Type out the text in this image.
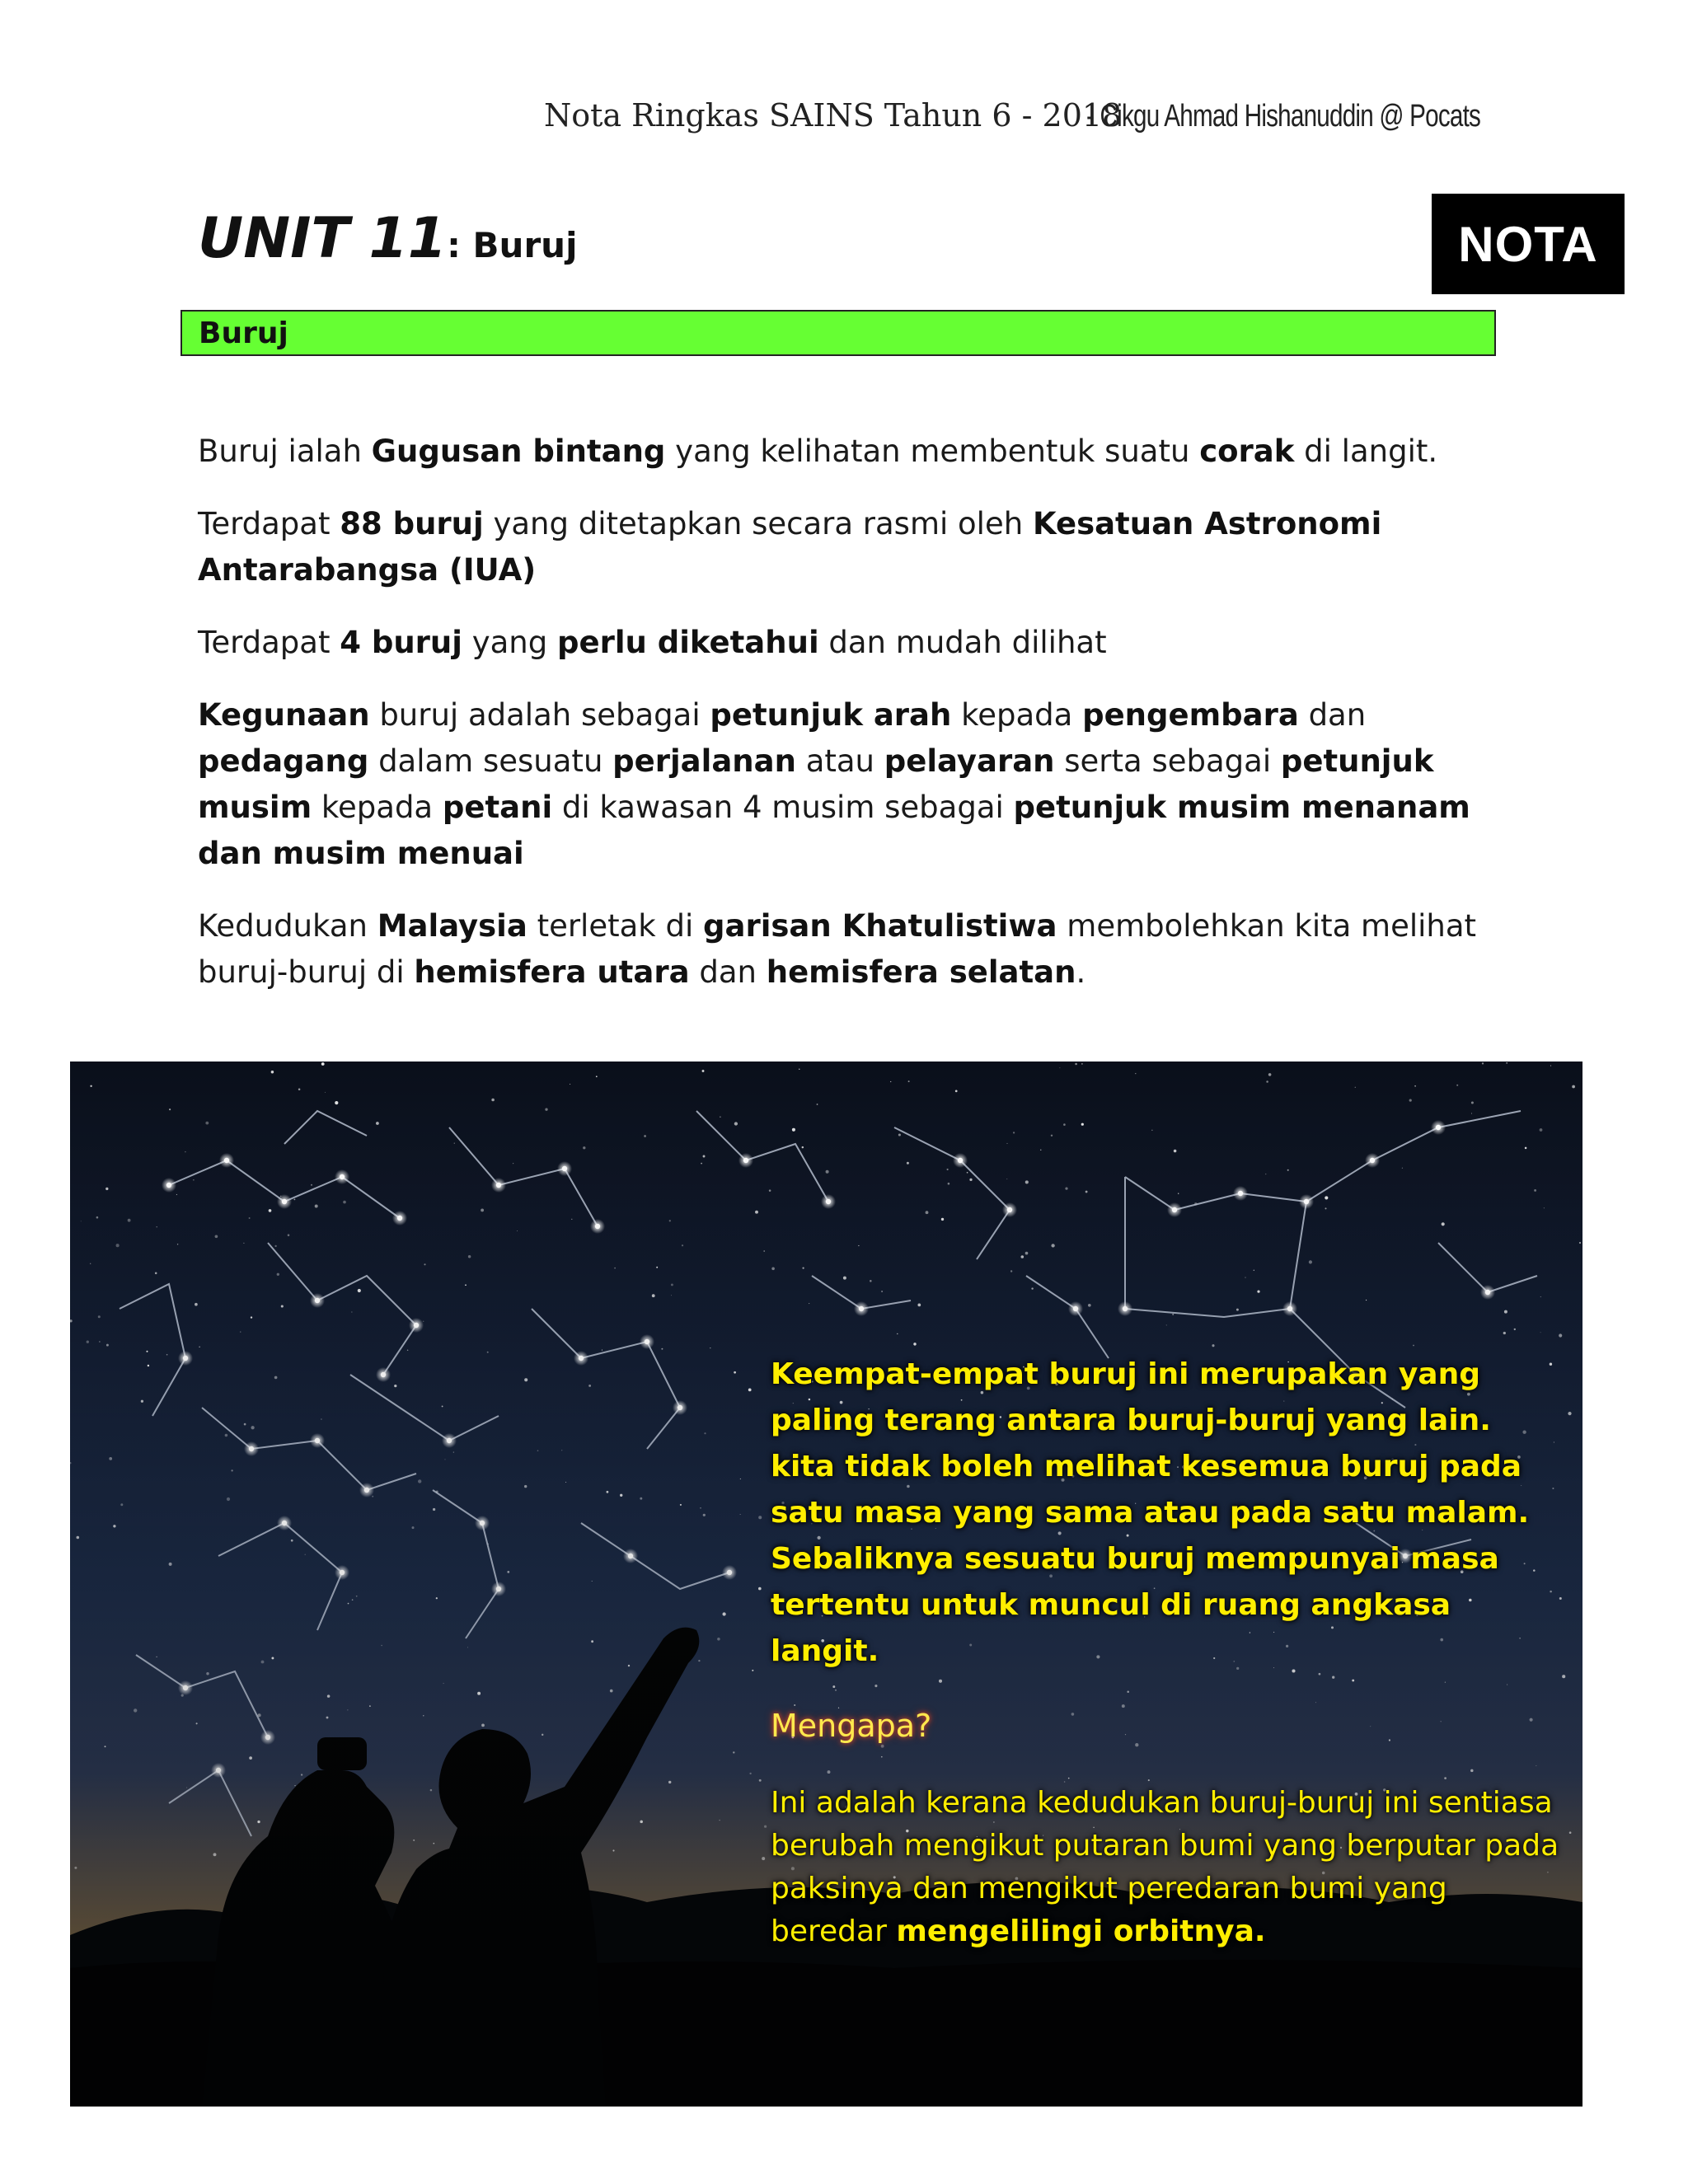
Nota Ringkas SAINS Tahun 6 - 2018
- Cikgu Ahmad Hishanuddin @ Pocats
UNIT 11: Buruj	NOTA
Buruj

Buruj ialah Gugusan bintang yang kelihatan membentuk suatu corak di langit.

Terdapat 88 buruj yang ditetapkan secara rasmi oleh Kesatuan Astronomi Antarabangsa (IUA)

Terdapat 4 buruj yang perlu diketahui dan mudah dilihat

Kegunaan buruj adalah sebagai petunjuk arah kepada pengembara dan pedagang dalam sesuatu perjalanan atau pelayaran serta sebagai petunjuk musim kepada petani di kawasan 4 musim sebagai petunjuk musim menanam dan musim menuai

Kedudukan Malaysia terletak di garisan Khatulistiwa membolehkan kita melihat buruj-buruj di hemisfera utara dan hemisfera selatan.

Keempat-empat buruj ini merupakan yang paling terang antara buruj-buruj yang lain. kita tidak boleh melihat kesemua buruj pada satu masa yang sama atau pada satu malam. Sebaliknya sesuatu buruj mempunyai masa tertentu untuk muncul di ruang angkasa langit.

Mengapa?

Ini adalah kerana kedudukan buruj-buruj ini sentiasa berubah mengikut putaran bumi yang berputar pada paksinya dan mengikut peredaran bumi yang beredar mengelilingi orbitnya.
